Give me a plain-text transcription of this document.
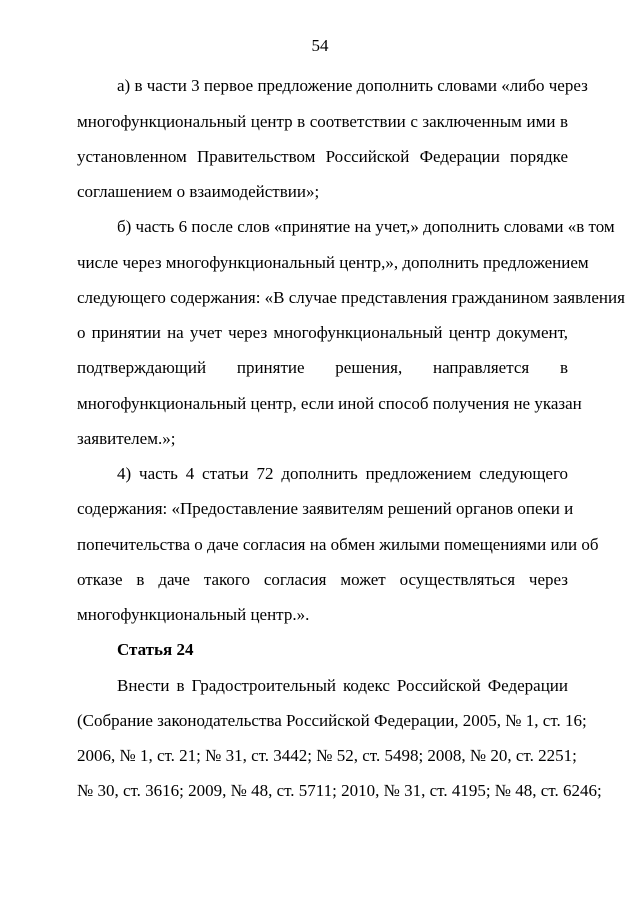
54
а) в части 3 первое предложение дополнить словами «либо через
многофункциональный центр в соответствии с заключенным ими в
установленном Правительством Российской Федерации порядке
соглашением о взаимодействии»;
б) часть 6 после слов «принятие на учет,» дополнить словами «в том
числе через многофункциональный центр,», дополнить предложением
следующего содержания: «В случае представления гражданином заявления
о принятии на учет через многофункциональный центр документ,
подтверждающий принятие решения, направляется в
многофункциональный центр, если иной способ получения не указан
заявителем.»;
4) часть 4 статьи 72 дополнить предложением следующего
содержания: «Предоставление заявителям решений органов опеки и
попечительства о даче согласия на обмен жилыми помещениями или об
отказе в даче такого согласия может осуществляться через
многофункциональный центр.».
Статья 24
Внести в Градостроительный кодекс Российской Федерации
(Собрание законодательства Российской Федерации, 2005, № 1, ст. 16;
2006, № 1, ст. 21; № 31, ст. 3442; № 52, ст. 5498; 2008, № 20, ст. 2251;
№ 30, ст. 3616; 2009, № 48, ст. 5711; 2010, № 31, ст. 4195; № 48, ст. 6246;
